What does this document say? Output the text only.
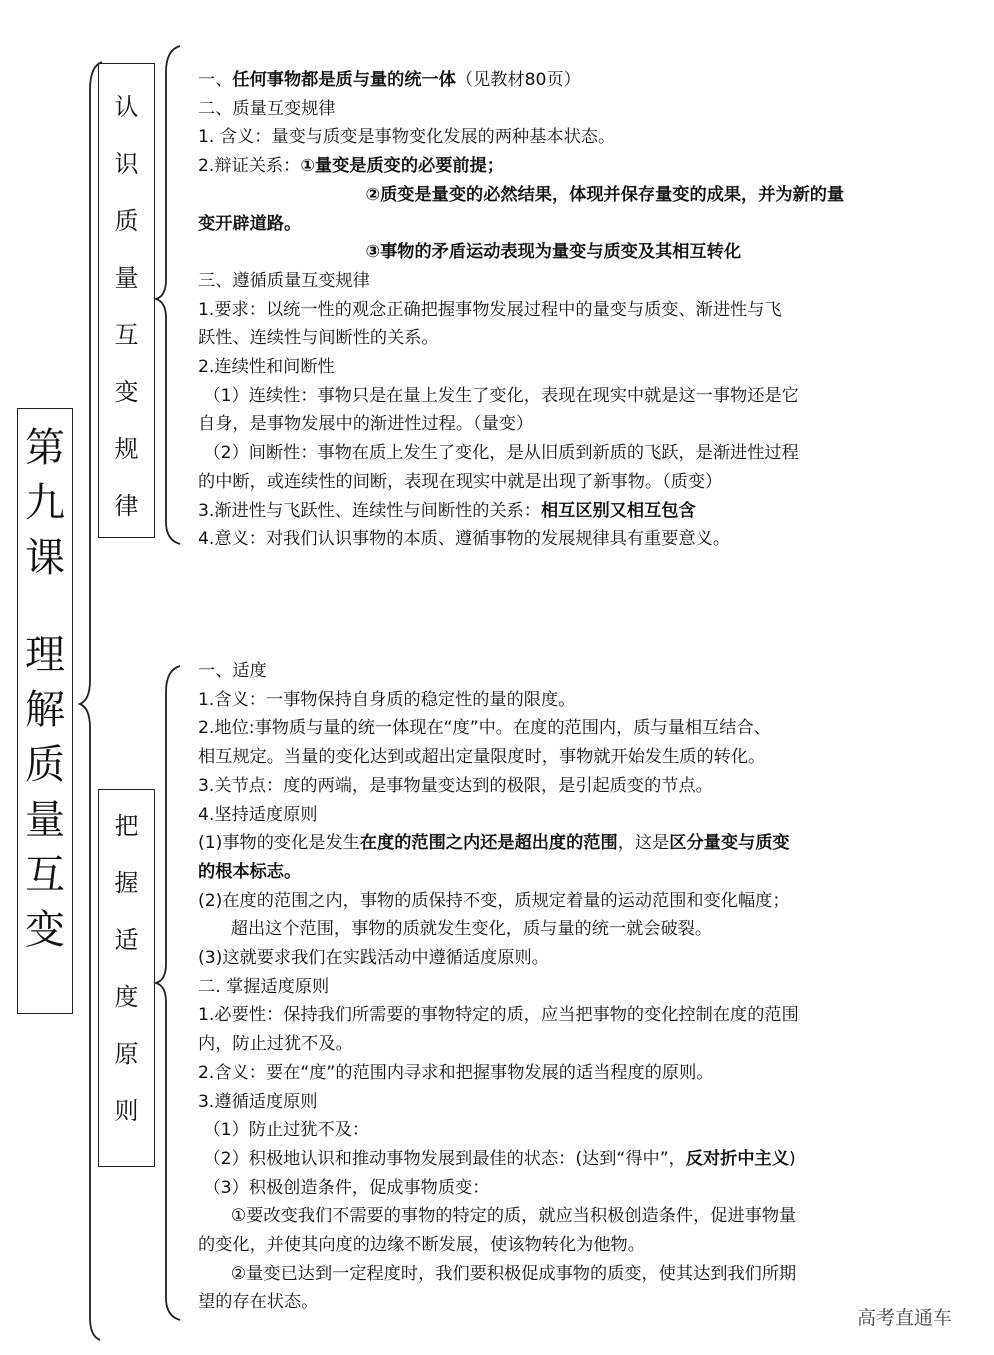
第
九
课
理
解
质
量
互
变
认
识
质
量
互
变
规
律
把
握
适
度
原
则
一、任何事物都是质与量的统一体（见教材80页）
二、质量互变规律
1. 含义：量变与质变是事物变化发展的两种基本状态。
2.辩证关系：①量变是质变的必要前提；
②质变是量变的必然结果，体现并保存量变的成果，并为新的量
变开辟道路。
③事物的矛盾运动表现为量变与质变及其相互转化
三、遵循质量互变规律
1.要求：以统一性的观念正确把握事物发展过程中的量变与质变、渐进性与飞
跃性、连续性与间断性的关系。
2.连续性和间断性
（1）连续性：事物只是在量上发生了变化，表现在现实中就是这一事物还是它
自身，是事物发展中的渐进性过程。（量变）
（2）间断性：事物在质上发生了变化，是从旧质到新质的飞跃，是渐进性过程
的中断，或连续性的间断，表现在现实中就是出现了新事物。（质变）
3.渐进性与飞跃性、连续性与间断性的关系：相互区别又相互包含
4.意义：对我们认识事物的本质、遵循事物的发展规律具有重要意义。
一、适度
1.含义：一事物保持自身质的稳定性的量的限度。
2.地位:事物质与量的统一体现在“度”中。在度的范围内，质与量相互结合、
相互规定。当量的变化达到或超出定量限度时，事物就开始发生质的转化。
3.关节点：度的两端，是事物量变达到的极限，是引起质变的节点。
4.坚持适度原则
(1)事物的变化是发生在度的范围之内还是超出度的范围，这是区分量变与质变
的根本标志。
(2)在度的范围之内，事物的质保持不变，质规定着量的运动范围和变化幅度；
超出这个范围，事物的质就发生变化，质与量的统一就会破裂。
(3)这就要求我们在实践活动中遵循适度原则。
二. 掌握适度原则
1.必要性：保持我们所需要的事物特定的质，应当把事物的变化控制在度的范围
内，防止过犹不及。
2.含义：要在“度”的范围内寻求和把握事物发展的适当程度的原则。
3.遵循适度原则
（1）防止过犹不及：
（2）积极地认识和推动事物发展到最佳的状态：(达到“得中”，反对折中主义)
（3）积极创造条件，促成事物质变：
①要改变我们不需要的事物的特定的质，就应当积极创造条件，促进事物量
的变化，并使其向度的边缘不断发展，使该物转化为他物。
②量变已达到一定程度时，我们要积极促成事物的质变，使其达到我们所期
望的存在状态。
高考直通车
